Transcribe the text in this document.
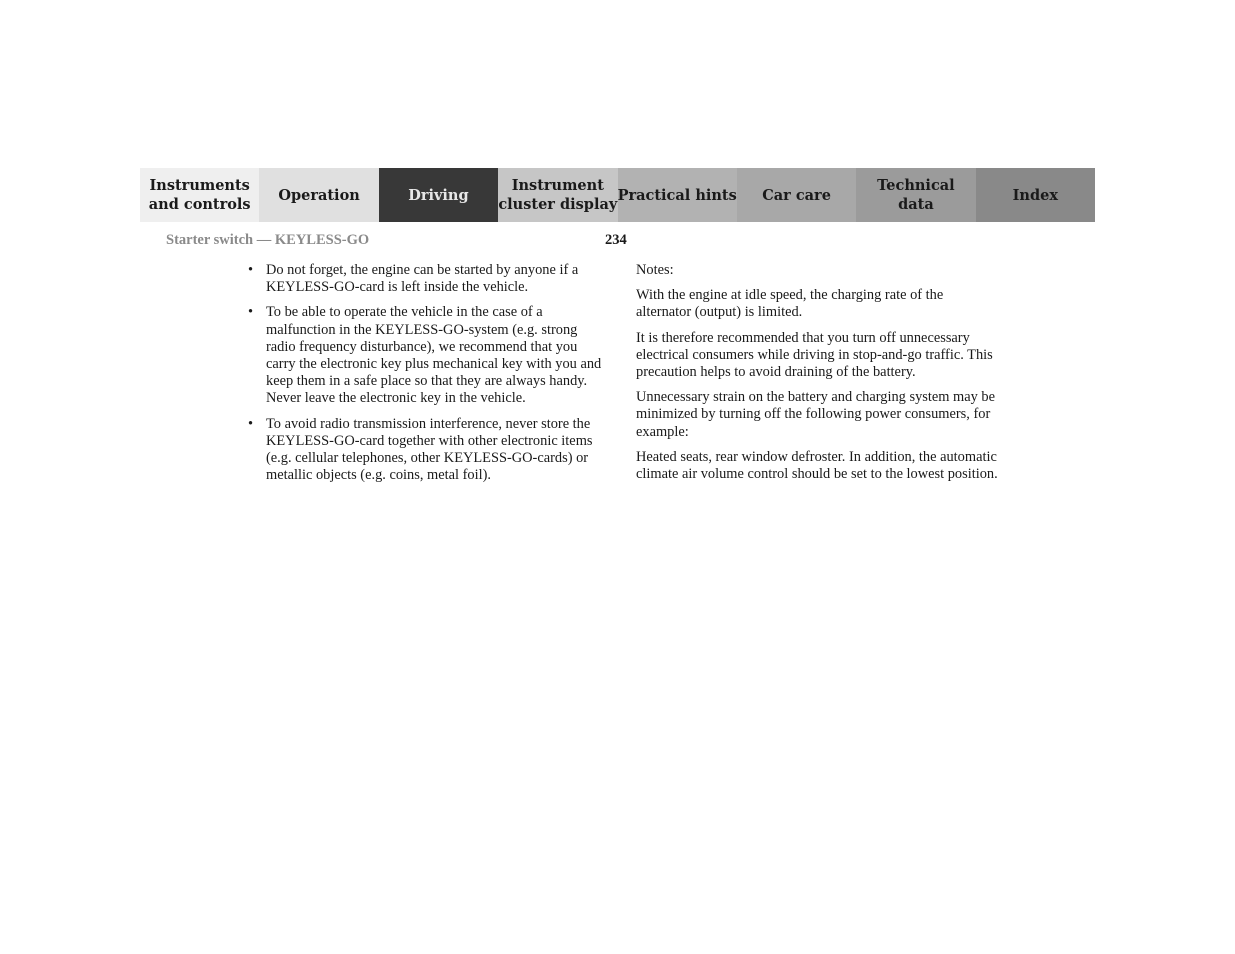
Instruments
and controls
Operation	Driving
Instrument
cluster display
Practical hints	Car care
Technical
data
Index
Starter switch — KEYLESS-GO	234
• Do not forget, the engine can be started by anyone if a KEYLESS-GO-card is left inside the vehicle.
• To be able to operate the vehicle in the case of a malfunction in the KEYLESS-GO-system (e.g. strong radio frequency disturbance), we recommend that you carry the electronic key plus mechanical key with you and keep them in a safe place so that they are always handy. Never leave the electronic key in the vehicle.
• To avoid radio transmission interference, never store the KEYLESS-GO-card together with other electronic items (e.g. cellular telephones, other KEYLESS-GO-cards) or metallic objects (e.g. coins, metal foil).

Notes:

With the engine at idle speed, the charging rate of the alternator (output) is limited.

It is therefore recommended that you turn off unnecessary electrical consumers while driving in stop-and-go traffic. This precaution helps to avoid draining of the battery.

Unnecessary strain on the battery and charging system may be minimized by turning off the following power consumers, for example:

Heated seats, rear window defroster. In addition, the automatic climate air volume control should be set to the lowest position.
